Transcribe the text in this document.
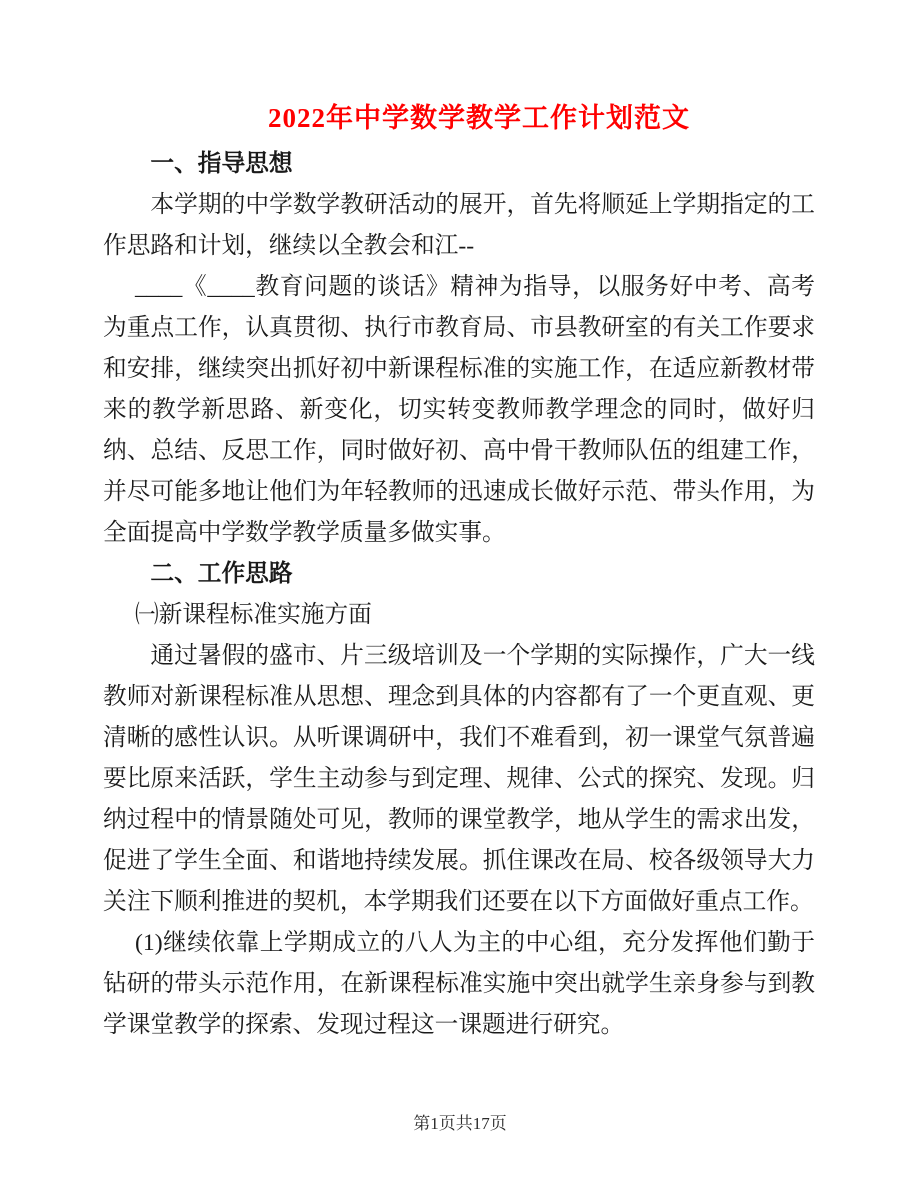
2022年中学数学教学工作计划范文

一、指导思想

本学期的中学数学教研活动的展开，首先将顺延上学期指定的工作思路和计划，继续以全教会和江--

____《____教育问题的谈话》精神为指导，以服务好中考、高考为重点工作，认真贯彻、执行市教育局、市县教研室的有关工作要求和安排，继续突出抓好初中新课程标准的实施工作，在适应新教材带来的教学新思路、新变化，切实转变教师教学理念的同时，做好归纳、总结、反思工作，同时做好初、高中骨干教师队伍的组建工作，并尽可能多地让他们为年轻教师的迅速成长做好示范、带头作用，为全面提高中学数学教学质量多做实事。

二、工作思路

㈠新课程标准实施方面

通过暑假的盛市、片三级培训及一个学期的实际操作，广大一线教师对新课程标准从思想、理念到具体的内容都有了一个更直观、更清晰的感性认识。从听课调研中，我们不难看到，初一课堂气氛普遍要比原来活跃，学生主动参与到定理、规律、公式的探究、发现。归纳过程中的情景随处可见，教师的课堂教学，地从学生的需求出发，促进了学生全面、和谐地持续发展。抓住课改在局、校各级领导大力关注下顺利推进的契机，本学期我们还要在以下方面做好重点工作。

(1)继续依靠上学期成立的八人为主的中心组，充分发挥他们勤于钻研的带头示范作用，在新课程标准实施中突出就学生亲身参与到教学课堂教学的探索、发现过程这一课题进行研究。

第1页共17页
